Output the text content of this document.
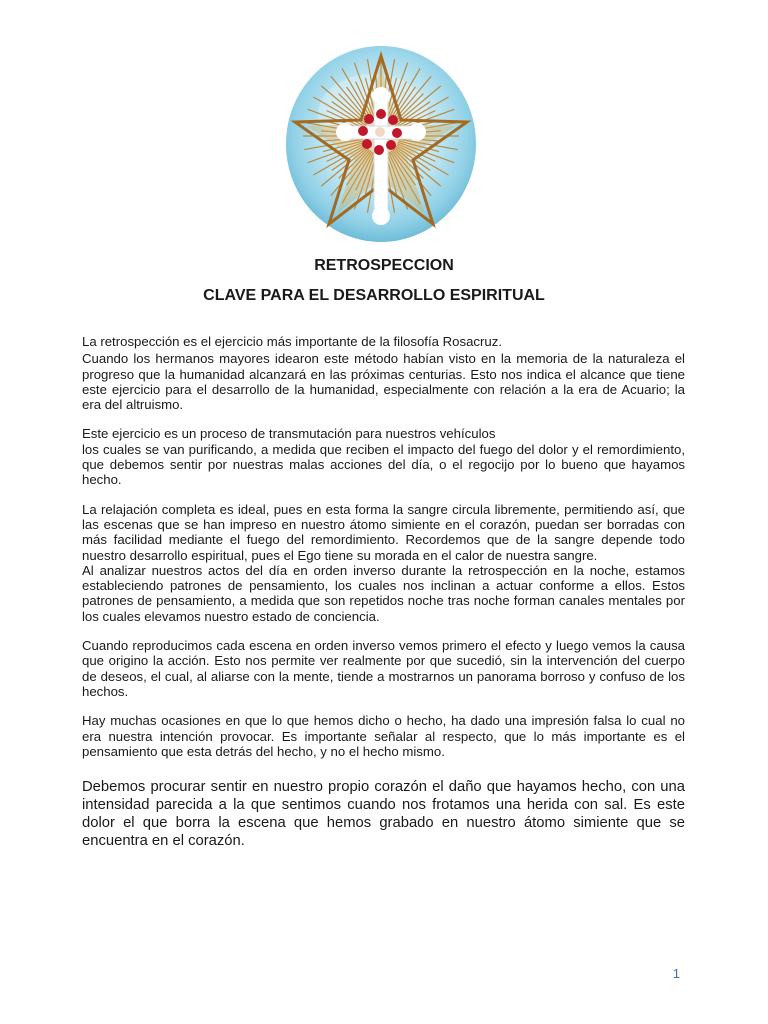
RETROSPECCION
CLAVE PARA EL DESARROLLO ESPIRITUAL

La retrospección es el ejercicio más importante de la filosofía Rosacruz.

Cuando los hermanos mayores idearon este método habían visto en la memoria de la naturaleza el progreso que la humanidad alcanzará en las próximas centurias. Esto nos indica el alcance que tiene este ejercicio para el desarrollo de la humanidad, especialmente con relación a la era de Acuario; la era del altruismo.

Este ejercicio es un proceso de transmutación para nuestros vehículos
los cuales se van purificando, a medida que reciben el impacto del fuego del dolor y el remordimiento, que debemos sentir por nuestras malas acciones del día, o el regocijo por lo bueno que hayamos hecho.

La relajación completa es ideal, pues en esta forma la sangre circula libremente, permitiendo así, que las escenas que se han impreso en nuestro átomo simiente en el corazón, puedan ser borradas con más facilidad mediante el fuego del remordimiento. Recordemos que de la sangre depende todo nuestro desarrollo espiritual, pues el Ego tiene su morada en el calor de nuestra sangre.
Al analizar nuestros actos del día en orden inverso durante la retrospección en la noche, estamos estableciendo patrones de pensamiento, los cuales nos inclinan a actuar conforme a ellos. Estos patrones de pensamiento, a medida que son repetidos noche tras noche forman canales mentales por los cuales elevamos nuestro estado de conciencia.

Cuando reproducimos cada escena en orden inverso vemos primero el efecto y luego vemos la causa que origino la acción. Esto nos permite ver realmente por que sucedió, sin la intervención del cuerpo de deseos, el cual, al aliarse con la mente, tiende a mostrarnos un panorama borroso y confuso de los hechos.

Hay muchas ocasiones en que lo que hemos dicho o hecho, ha dado una impresión falsa lo cual no era nuestra intención provocar. Es importante señalar al respecto, que lo más importante es el pensamiento que esta detrás del hecho, y no el hecho mismo.

Debemos procurar sentir en nuestro propio corazón el daño que hayamos hecho, con una intensidad parecida a la que sentimos cuando nos frotamos una herida con sal. Es este dolor el que borra la escena que hemos grabado en nuestro átomo simiente que se encuentra en el corazón.

1
